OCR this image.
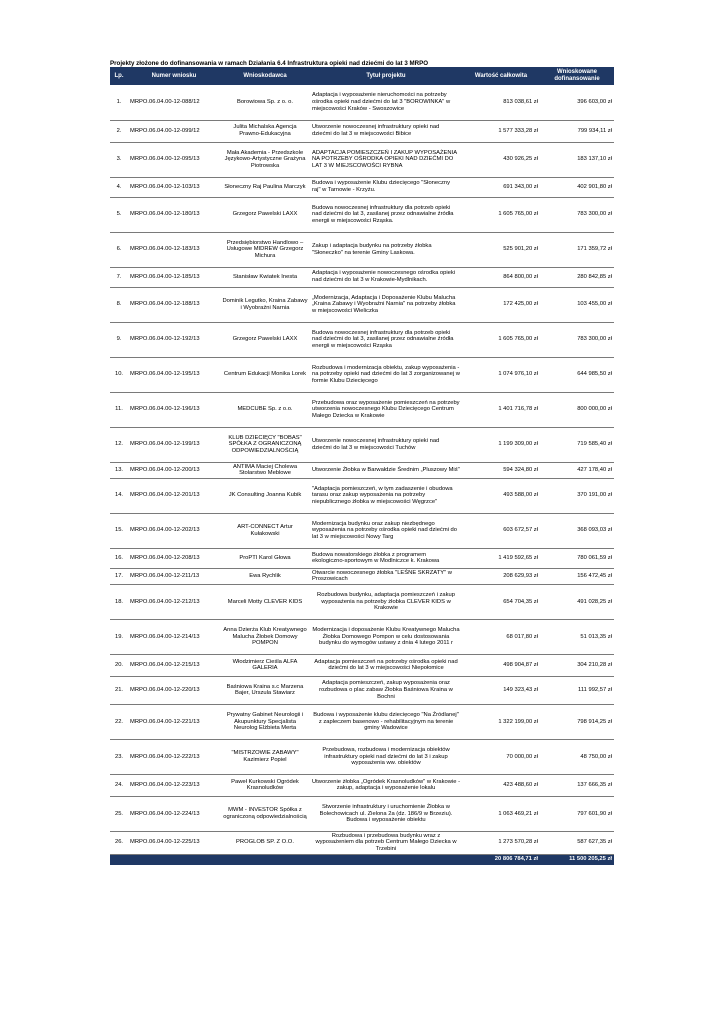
Projekty złożone do dofinansowania w ramach Działania 6.4 Infrastruktura opieki nad dziećmi do lat 3 MRPO
Lp.	Numer wniosku	Wnioskodawca	Tytuł projektu	Wartość całkowita	Wnioskowane dofinansowanie
1.	MRPO.06.04.00-12-088/12	Borowiowa Sp. z o. o.	Adaptacja i wyposażenie nieruchomości na potrzeby ośrodka opieki nad dziećmi do lat 3 "BOROWINKA" w miejscowości Kraków - Swoszowice	813 038,61 zł	396 603,00 zł
2.	MRPO.06.04.00-12-099/12	Julita Michalska Agencja Prawno-Edukacyjna	Utworzenie nowoczesnej infrastruktury opieki nad dziećmi do lat 3 w miejscowości Bibice	1 577 333,28 zł	799 934,11 zł
3.	MRPO.06.04.00-12-095/13	Mała Akademia - Przedszkole Językowo-Artystyczne Grażyna Piotrowska	ADAPTACJA POMIESZCZEŃ I ZAKUP WYPOSAŻENIA NA POTRZEBY OŚRODKA OPIEKI NAD DZIEĆMI DO LAT 3 W MIEJSCOWOŚCI RYBNA	430 926,25 zł	183 137,10 zł
4.	MRPO.06.04.00-12-103/13	Słoneczny Raj Paulina Marczyk	Budowa i wyposażenie Klubu dziecięcego "Słoneczny raj" w Tarnowie - Krzyżu.	691 343,00 zł	402 901,80 zł
5.	MRPO.06.04.00-12-180/13	Grzegorz Pawelski LAXX	Budowa nowoczesnej infrastruktury dla potrzeb opieki nad dziećmi do lat 3, zasilanej przez odnawialne źródła energii w miejscowości Rząska.	1 605 765,00 zł	783 300,00 zł
6.	MRPO.06.04.00-12-183/13	Przedsiębiorstwo Handlowo – Usługowe MIDREW Grzegorz Michura	Zakup i adaptacja budynku na potrzeby żłobka "Słoneczko" na terenie Gminy Laskowa.	525 901,20 zł	171 359,72 zł
7.	MRPO.06.04.00-12-185/13	Stanisław Kwiatek Inesta	Adaptacja i wyposażenie nowoczesnego ośrodka opieki nad dziećmi do lat 3 w Krakowie-Mydlnikach.	864 800,00 zł	280 842,85 zł
8.	MRPO.06.04.00-12-188/13	Dominik Legutko, Kraina Zabawy i Wyobraźni Narnia	„Modernizacja, Adaptacja i Doposażenie Klubu Malucha „Kraina Zabawy i Wyobraźni Narnia" na potrzeby żłobka w miejscowości Wieliczka	172 425,00 zł	103 455,00 zł
9.	MRPO.06.04.00-12-192/13	Grzegorz Pawelski LAXX	Budowa nowoczesnej infrastruktury dla potrzeb opieki nad dziećmi do lat 3, zasilanej przez odnawialne źródła energii w miejscowości Rząska	1 605 765,00 zł	783 300,00 zł
10.	MRPO.06.04.00-12-195/13	Centrum Edukacji Monika Lorek	Rozbudowa i modernizacja obiektu, zakup wyposażenia - na potrzeby opieki nad dziećmi do lat 3 zorganizowanej w formie Klubu Dziecięcego	1 074 976,10 zł	644 985,50 zł
11.	MRPO.06.04.00-12-196/13	MEDCUBE Sp. z o.o.	Przebudowa oraz wyposażenie pomieszczeń na potrzeby utworzenia nowoczesnego Klubu Dziecięcego Centrum Małego Dziecka w Krakowie	1 401 716,78 zł	800 000,00 zł
12.	MRPO.06.04.00-12-199/13	KLUB DZIECIĘCY "BOBAS" SPÓŁKA Z OGRANICZONĄ ODPOWIEDZIALNOŚCIĄ	Utworzenie nowoczesnej infrastruktury opieki nad dziećmi do lat 3 w miejscowości Tuchów	1 199 309,00 zł	719 585,40 zł
13.	MRPO.06.04.00-12-200/13	ANTIMA Maciej Cholewa Stolarstwo Meblowe	Utworzenie Żłobka w Barwałdzie Średnim „Pluszowy Miś"	594 324,80 zł	427 178,40 zł
14.	MRPO.06.04.00-12-201/13	JK Consulting Joanna Kubik	"Adaptacja pomieszczeń, w tym zadaszenie i obudowa tarasu oraz zakup wyposażenia na potrzeby niepublicznego żłobka w miejscowości Węgrzce"	493 588,00 zł	370 191,00 zł
15.	MRPO.06.04.00-12-202/13	ART-CONNECT Artur Kułakowski	Modernizacja budynku oraz zakup niezbędnego wyposażenia na potrzeby ośrodka opieki nad dziećmi do lat 3 w miejscowości Nowy Targ	603 672,57 zł	368 093,03 zł
16.	MRPO.06.04.00-12-208/13	ProPTI Karol Głowa	Budowa nowatorskiego żłobka z programem ekologiczno-sportowym w Modlniczce k. Krakowa	1 419 592,65 zł	780 061,59 zł
17.	MRPO.06.04.00-12-211/13	Ewa Rychlik	Otwarcie nowoczesnego żłobka "LEŚNE SKRZATY" w Proszowicach	208 629,93 zł	156 472,45 zł
18.	MRPO.06.04.00-12-212/13	Marceli Motty CLEVER KIDS	Rozbudowa budynku, adaptacja pomieszczeń i zakup wyposażenia na potrzeby żłobka CLEVER KIDS w Krakowie	654 704,35 zł	491 028,25 zł
19.	MRPO.06.04.00-12-214/13	Anna Dzierża Klub Kreatywnego Malucha Żłobek Domowy POMPON	Modernizacja i doposażenie Klubu Kreatywnego Malucha Żłobka Domowego Pompon w celu dostosowania budynku do wymogów ustawy z dnia 4 lutego 2011 r	68 017,80 zł	51 013,35 zł
20.	MRPO.06.04.00-12-215/13	Włodzimierz Cieśla ALFA GALERIA	Adaptacja pomieszczeń na potrzeby ośrodka opieki nad dziećmi do lat 3 w miejscowości Niepołomice	498 904,87 zł	304 210,28 zł
21.	MRPO.06.04.00-12-220/13	Baśniowa Kraina s.c Marzena Bajer, Urszula Stawiarz	Adaptacja pomieszczeń, zakup wyposażenia oraz rozbudowa o plac zabaw Żłobka Baśniowa Kraina w Bochni	149 323,43 zł	111 992,57 zł
22.	MRPO.06.04.00-12-221/13	Prywatny Gabinet Neurologii i Akupunktury Specjalista Neurolog Elżbieta Merta	Budowa i wyposażenie klubu dziecięcego "Na Źródlanej" z zapleczem basenowo - rehabilitacyjnym na terenie gminy Wadowice	1 322 199,00 zł	798 914,25 zł
23.	MRPO.06.04.00-12-222/13	"MISTRZOWIE ZABAWY" Kazimierz Popiel	Przebudowa, rozbudowa i modernizacja obiektów infrastruktury opieki nad dziećmi do lat 3 i zakup wyposażenia ww. obiektów	70 000,00 zł	48 750,00 zł
24.	MRPO.06.04.00-12-223/13	Paweł Kurkowski Ogródek Krasnoludków	Utworzenie żłobka „Ogródek Krasnoludków" w Krakowie - zakup, adaptacja i wyposażenie lokalu	423 488,60 zł	137 666,35 zł
25.	MRPO.06.04.00-12-224/13	MWM - INVESTOR Spółka z ograniczoną odpowiedzialnością	Stworzenie infrastruktury i uruchomienie Żłobka w Bolechowicach ul. Zielona 2a (dz. 186/9 w Brzeziu). Budowa i wyposażenie obiektu	1 063 469,21 zł	797 601,90 zł
26.	MRPO.06.04.00-12-225/13	PROGLOB SP. Z O.O.	Rozbudowa i przebudowa budynku wraz z wyposażeniem dla potrzeb Centrum Małego Dziecka w Trzebini	1 273 570,28 zł	587 627,35 zł
				20 806 784,71 zł	11 500 205,25 zł
